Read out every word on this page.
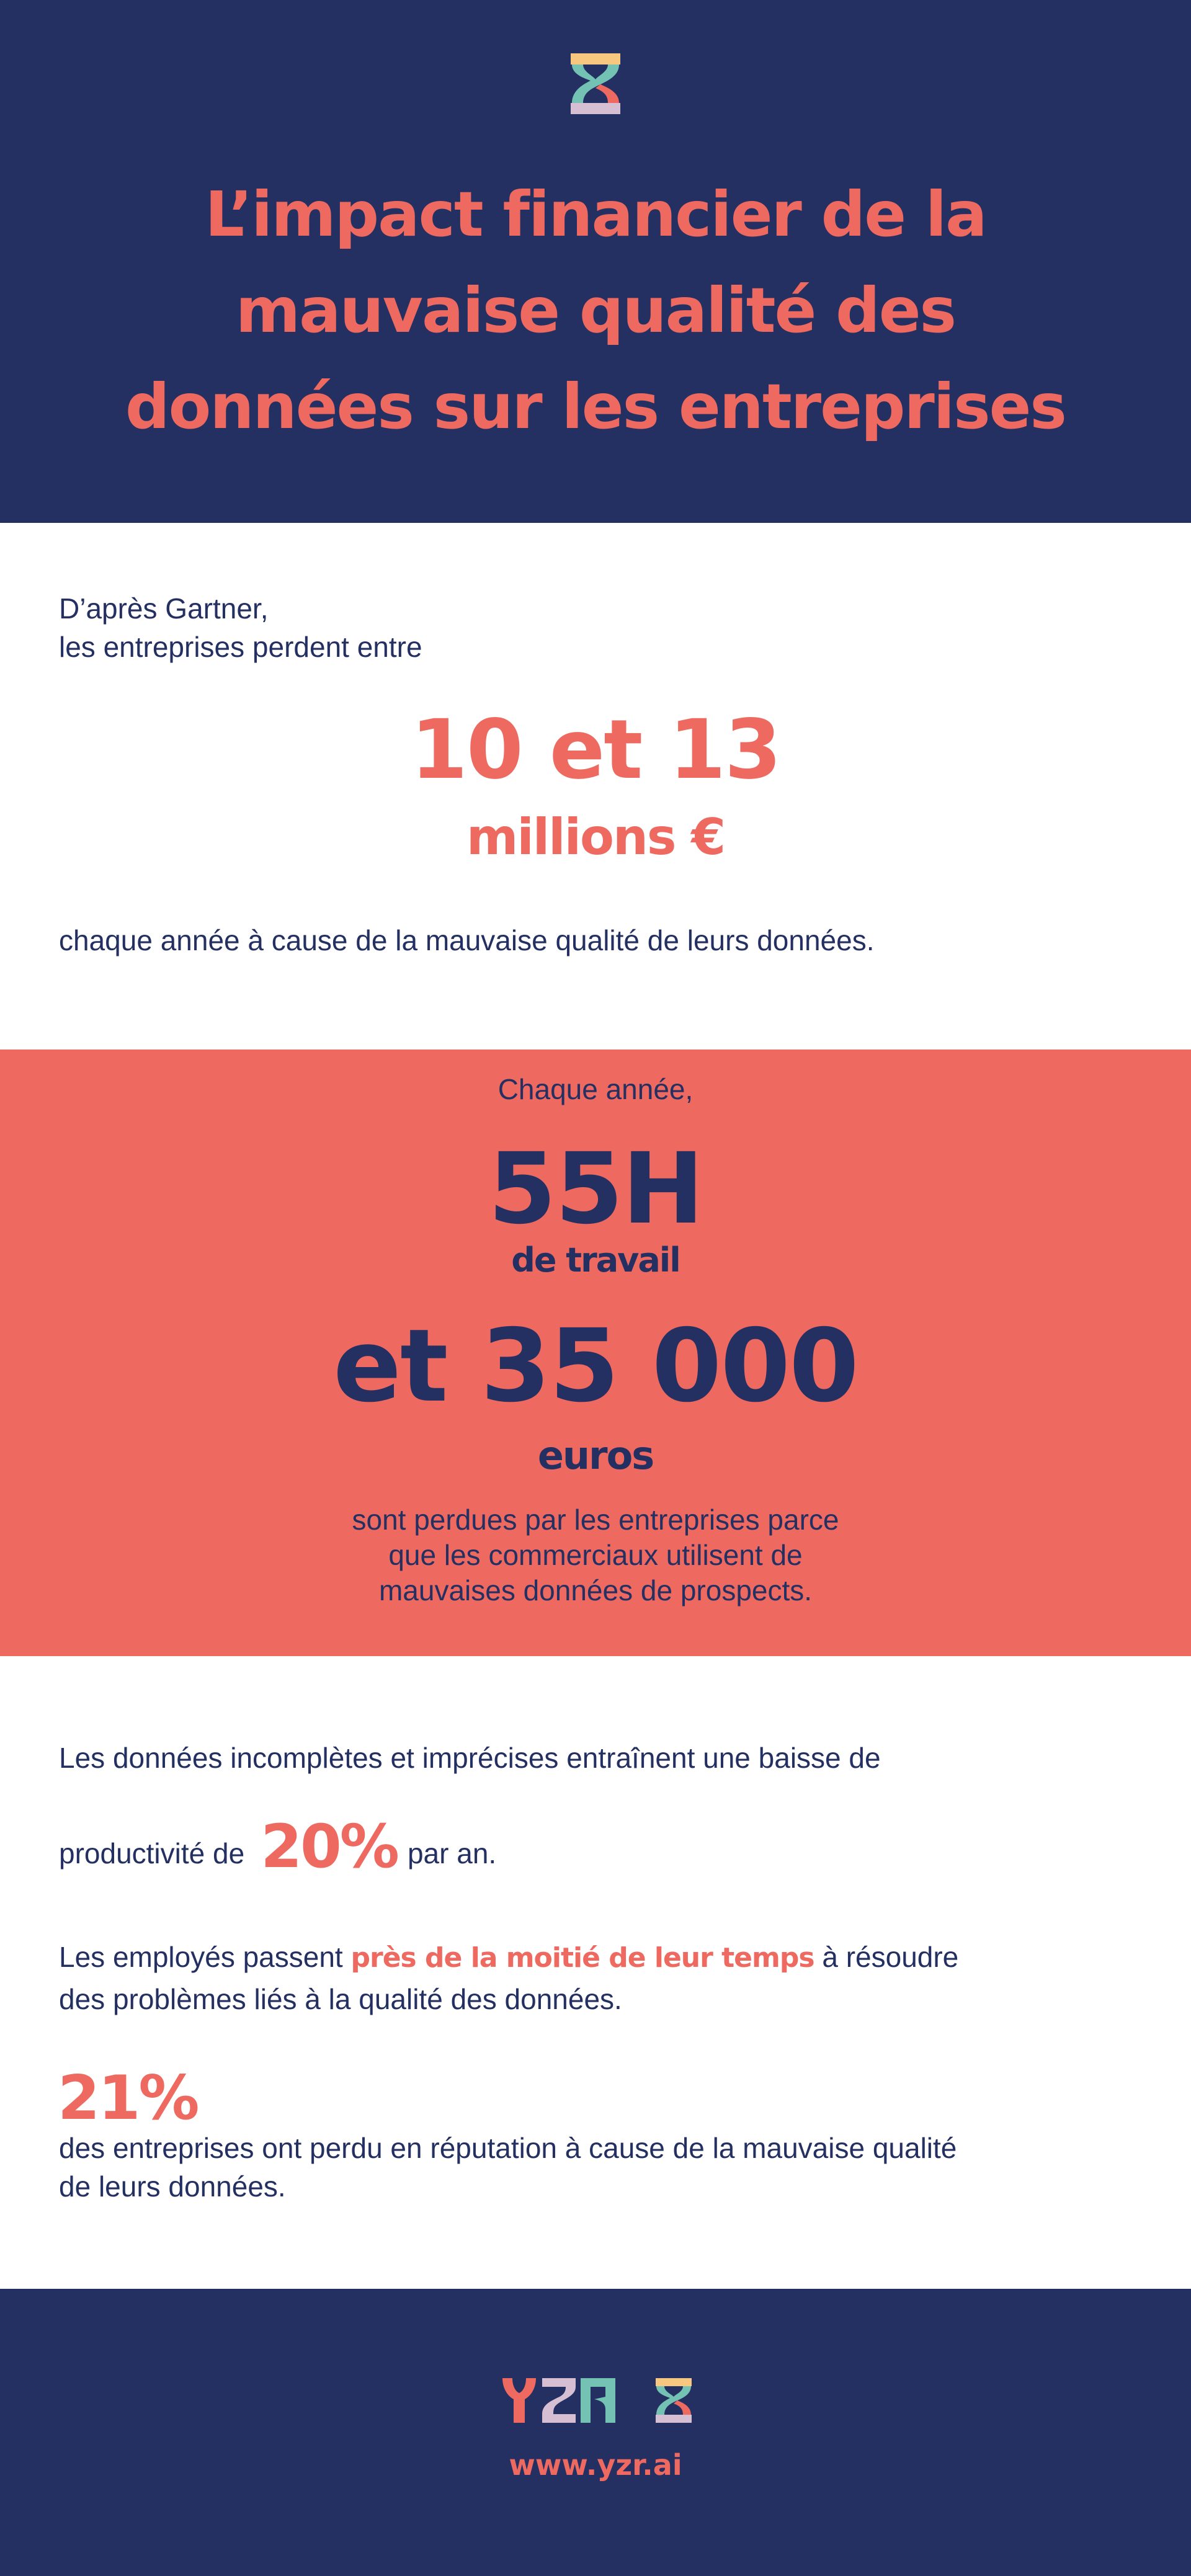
L’impact financier de la
mauvaise qualité des
données sur les entreprises
D’après Gartner,
les entreprises perdent entre
10 et 13
millions €
chaque année à cause de la mauvaise qualité de leurs données.
Chaque année,
55H
de travail
et 35 000
euros
sont perdues par les entreprises parce
que les commerciaux utilisent de
mauvaises données de prospects.
Les données incomplètes et imprécises entraînent une baisse de
productivité de 20% par an.
Les employés passent près de la moitié de leur temps à résoudre
des problèmes liés à la qualité des données.
21%
des entreprises ont perdu en réputation à cause de la mauvaise qualité
de leurs données.
www.yzr.ai
